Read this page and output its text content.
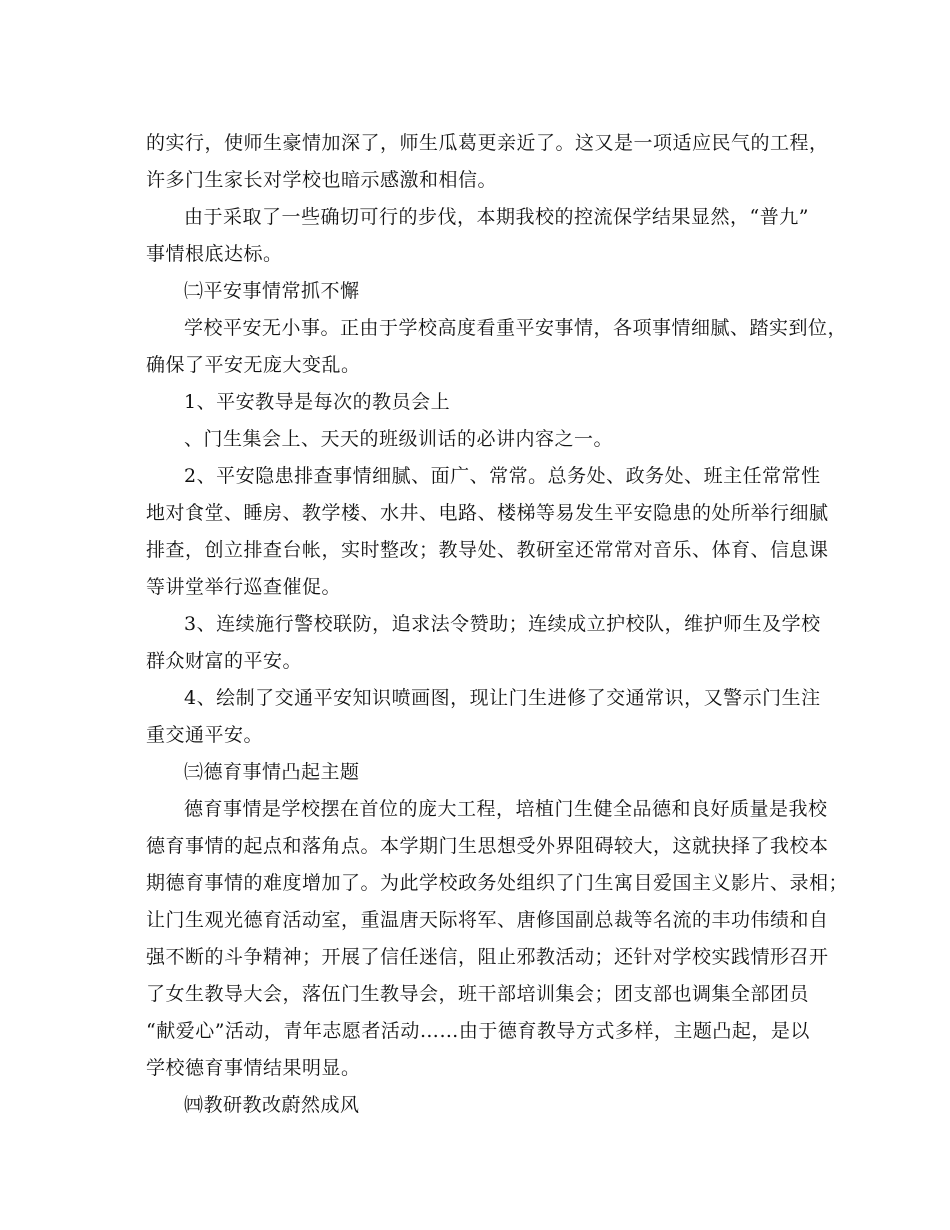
的实行，使师生豪情加深了，师生瓜葛更亲近了。这又是一项适应民气的工程，
许多门生家长对学校也暗示感激和相信。
由于采取了一些确切可行的步伐，本期我校的控流保学结果显然，“普九”
事情根底达标。
㈡平安事情常抓不懈
学校平安无小事。正由于学校高度看重平安事情，各项事情细腻、踏实到位，
确保了平安无庞大变乱。
1、平安教导是每次的教员会上
、门生集会上、天天的班级训话的必讲内容之一。
2、平安隐患排查事情细腻、面广、常常。总务处、政务处、班主任常常性
地对食堂、睡房、教学楼、水井、电路、楼梯等易发生平安隐患的处所举行细腻
排查，创立排查台帐，实时整改；教导处、教研室还常常对音乐、体育、信息课
等讲堂举行巡查催促。
3、连续施行警校联防，追求法令赞助；连续成立护校队，维护师生及学校
群众财富的平安。
4、绘制了交通平安知识喷画图，现让门生进修了交通常识，又警示门生注
重交通平安。
㈢德育事情凸起主题
德育事情是学校摆在首位的庞大工程，培植门生健全品德和良好质量是我校
德育事情的起点和落角点。本学期门生思想受外界阻碍较大，这就抉择了我校本
期德育事情的难度增加了。为此学校政务处组织了门生寓目爱国主义影片、录相；
让门生观光德育活动室，重温唐天际将军、唐修国副总裁等名流的丰功伟绩和自
强不断的斗争精神；开展了信任迷信，阻止邪教活动；还针对学校实践情形召开
了女生教导大会，落伍门生教导会，班干部培训集会；团支部也调集全部团员
“献爱心”活动，青年志愿者活动……由于德育教导方式多样，主题凸起，是以
学校德育事情结果明显。
㈣教研教改蔚然成风
